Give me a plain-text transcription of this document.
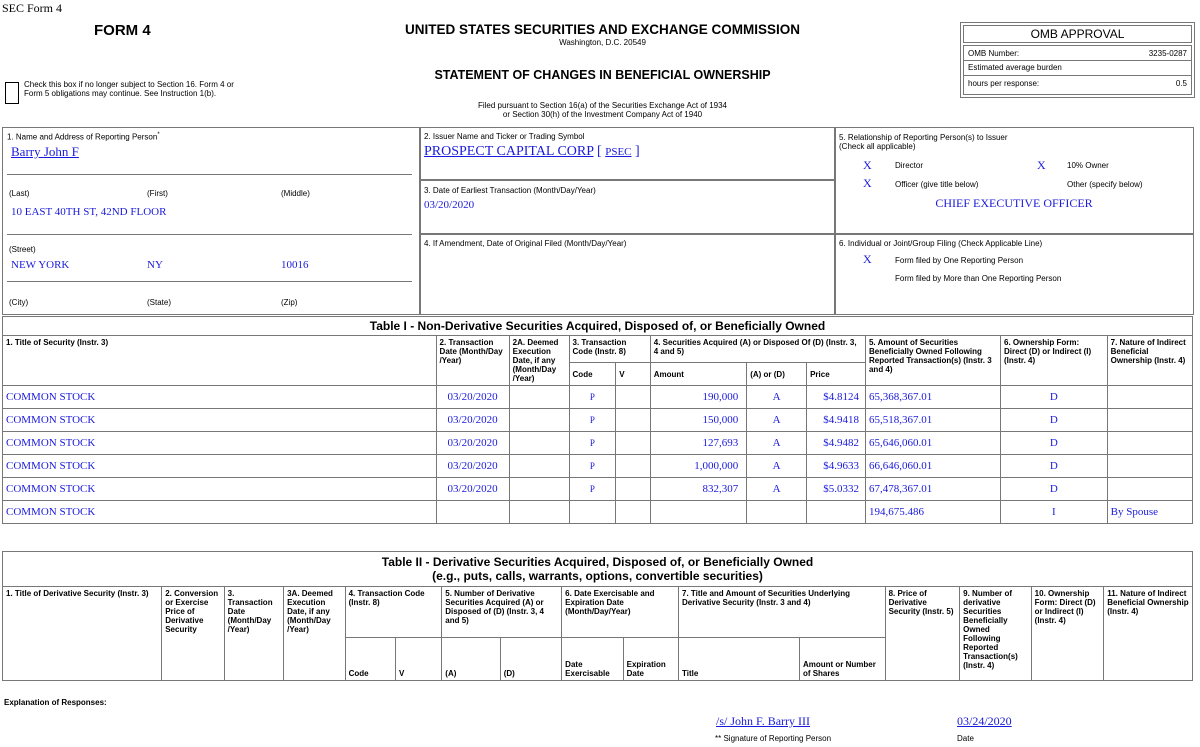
SEC Form 4
FORM 4
Check this box if no longer subject to Section 16. Form 4 or Form 5 obligations may continue. See Instruction 1(b).
UNITED STATES SECURITIES AND EXCHANGE COMMISSION
Washington, D.C. 20549
STATEMENT OF CHANGES IN BENEFICIAL OWNERSHIP
Filed pursuant to Section 16(a) of the Securities Exchange Act of 1934
or Section 30(h) of the Investment Company Act of 1940
OMB APPROVAL
OMB Number:	3235-0287
Estimated average burden
hours per response:	0.5
1. Name and Address of Reporting Person*
Barry John F
(Last)	(First)	(Middle)
10 EAST 40TH ST, 42ND FLOOR
(Street)
NEW YORK	NY	10016
(City)	(State)	(Zip)
2. Issuer Name and Ticker or Trading Symbol
PROSPECT CAPITAL CORP [ PSEC ]
3. Date of Earliest Transaction (Month/Day/Year)
03/20/2020
4. If Amendment, Date of Original Filed (Month/Day/Year)
5. Relationship of Reporting Person(s) to Issuer
(Check all applicable)
X	Director	X	10% Owner
X	Officer (give title below)	Other (specify below)
CHIEF EXECUTIVE OFFICER
6. Individual or Joint/Group Filing (Check Applicable Line)
X	Form filed by One Reporting Person
Form filed by More than One Reporting Person
Table I - Non-Derivative Securities Acquired, Disposed of, or Beneficially Owned										
1. Title of Security (Instr. 3)	2. Transaction Date (Month/Day /Year)	2A. Deemed Execution Date, if any (Month/Day /Year)	3. Transaction Code (Instr. 8)		4. Securities Acquired (A) or Disposed Of (D) (Instr. 3, 4 and 5)			5. Amount of Securities Beneficially Owned Following Reported Transaction(s) (Instr. 3 and 4)	6. Ownership Form: Direct (D) or Indirect (I) (Instr. 4)	7. Nature of Indirect Beneficial Ownership (Instr. 4)
			Code	V	Amount	(A) or (D)	Price			
COMMON STOCK	03/20/2020		P		190,000	A	$4.8124	65,368,367.01	D	
COMMON STOCK	03/20/2020		P		150,000	A	$4.9418	65,518,367.01	D	
COMMON STOCK	03/20/2020		P		127,693	A	$4.9482	65,646,060.01	D	
COMMON STOCK	03/20/2020		P		1,000,000	A	$4.9633	66,646,060.01	D	
COMMON STOCK	03/20/2020		P		832,307	A	$5.0332	67,478,367.01	D	
COMMON STOCK								194,675.486	I	By Spouse
Table II - Derivative Securities Acquired, Disposed of, or Beneficially Owned
(e.g., puts, calls, warrants, options, convertible securities)															

1. Title of Derivative Security (Instr. 3)	2. Conversion or Exercise Price of Derivative Security	3. Transaction Date (Month/Day /Year)	3A. Deemed Execution Date, if any (Month/Day /Year)	4. Transaction Code (Instr. 8)		5. Number of Derivative Securities Acquired (A) or Disposed of (D) (Instr. 3, 4 and 5)		6. Date Exercisable and Expiration Date (Month/Day/Year)		7. Title and Amount of Securities Underlying Derivative Security (Instr. 3 and 4)		8. Price of Derivative Security (Instr. 5)	9. Number of derivative Securities Beneficially Owned Following Reported Transaction(s) (Instr. 4)	10. Ownership Form: Direct (D) or Indirect (I) (Instr. 4)	11. Nature of Indirect Beneficial Ownership (Instr. 4)
				Code	V	(A)	(D)	Date Exercisable	Expiration Date	Title	Amount or Number of Shares				
Explanation of Responses:
/s/ John F. Barry III
** Signature of Reporting Person
03/24/2020
Date
